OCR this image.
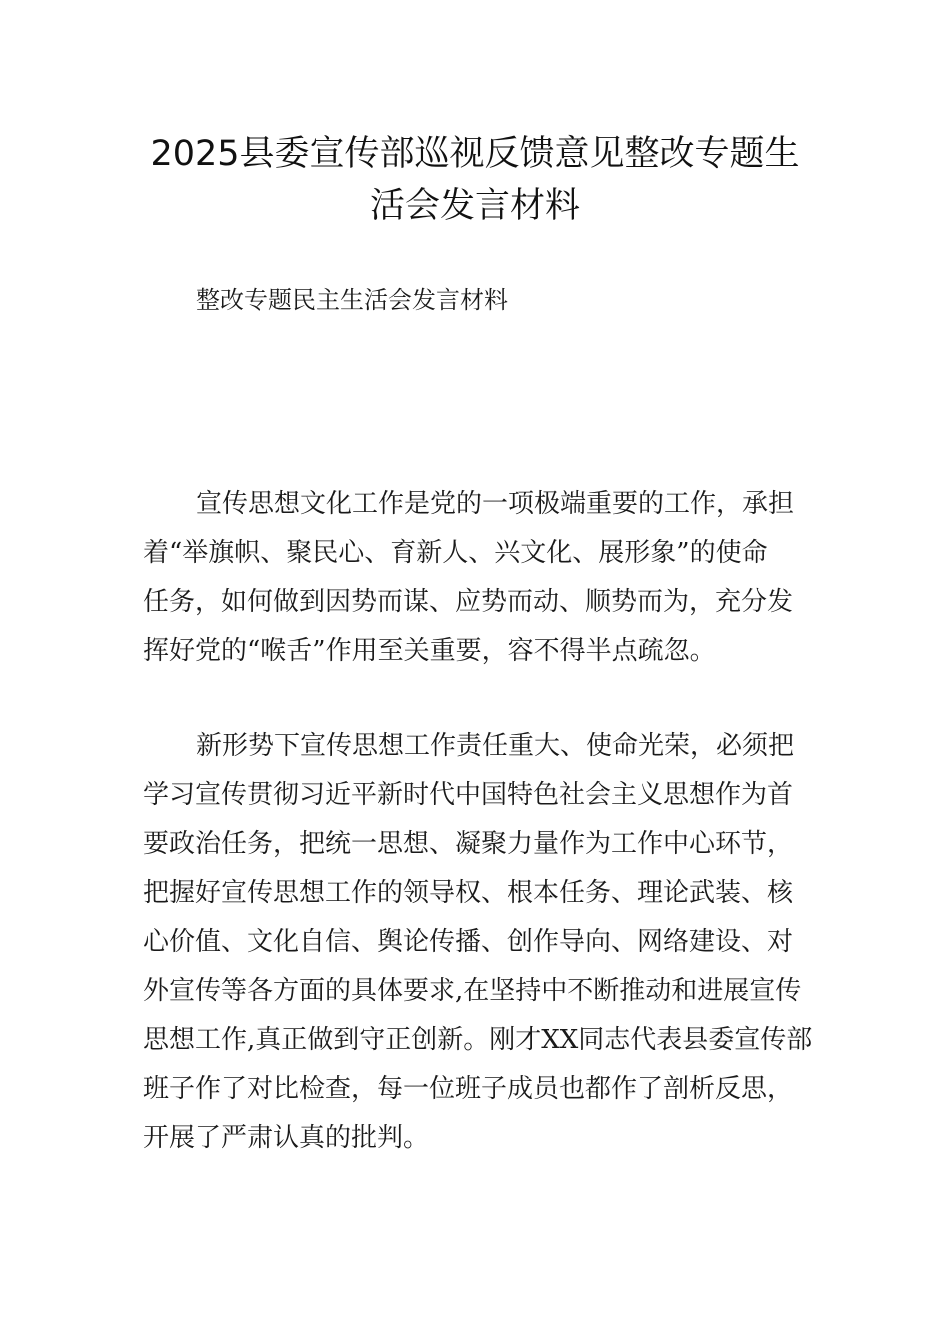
2025县委宣传部巡视反馈意见整改专题生
活会发言材料
整改专题民主生活会发言材料
宣传思想文化工作是党的一项极端重要的工作，承担
着“举旗帜、聚民心、育新人、兴文化、展形象”的使命
任务，如何做到因势而谋、应势而动、顺势而为，充分发
挥好党的“喉舌”作用至关重要，容不得半点疏忽。
新形势下宣传思想工作责任重大、使命光荣，必须把
学习宣传贯彻习近平新时代中国特色社会主义思想作为首
要政治任务，把统一思想、凝聚力量作为工作中心环节，
把握好宣传思想工作的领导权、根本任务、理论武装、核
心价值、文化自信、舆论传播、创作导向、网络建设、对
外宣传等各方面的具体要求,在坚持中不断推动和进展宣传
思想工作,真正做到守正创新。刚才XX同志代表县委宣传部
班子作了对比检查，每一位班子成员也都作了剖析反思，
开展了严肃认真的批判。
